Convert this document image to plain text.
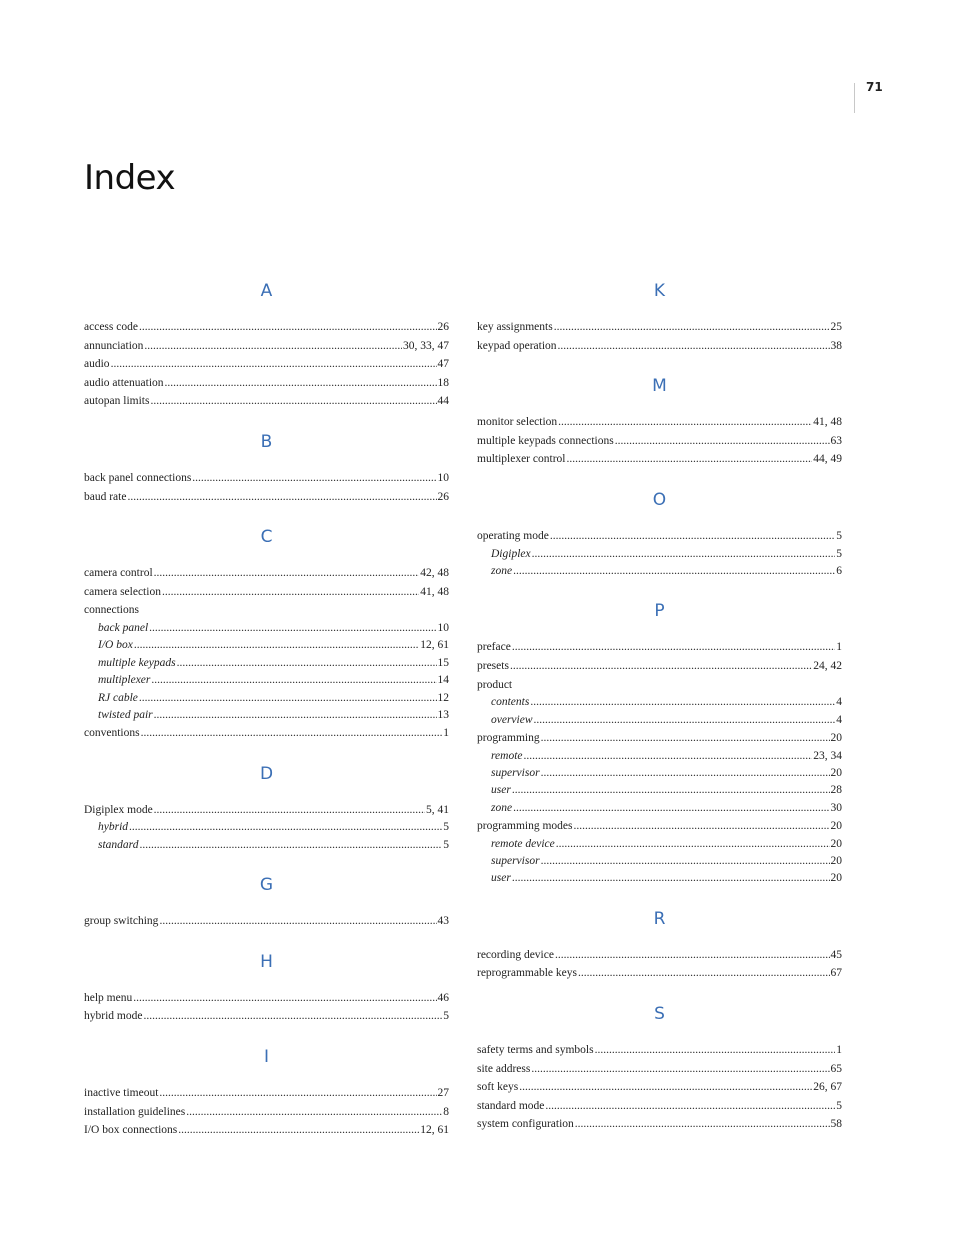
71
Index
A
access code .....	26
annunciation .....	30, 33, 47
audio .....	47
audio attenuation .....	18
autopan limits .....	44
B
back panel connections .....	10
baud rate .....	26
C
camera control .....	42, 48
camera selection .....	41, 48
connections
back panel .....	10
I/O box .....	12, 61
multiple keypads .....	15
multiplexer .....	14
RJ cable .....	12
twisted pair .....	13
conventions .....	1
D
Digiplex mode .....	5, 41
hybrid .....	5
standard .....	5
G
group switching .....	43
H
help menu .....	46
hybrid mode .....	5
I
inactive timeout .....	27
installation guidelines .....	8
I/O box connections .....	12, 61
K
key assignments .....	25
keypad operation .....	38
M
monitor selection .....	41, 48
multiple keypads connections .....	63
multiplexer control .....	44, 49
O
operating mode .....	5
Digiplex .....	5
zone .....	6
P
preface .....	1
presets .....	24, 42
product
contents .....	4
overview .....	4
programming .....	20
remote .....	23, 34
supervisor .....	20
user .....	28
zone .....	30
programming modes .....	20
remote device .....	20
supervisor .....	20
user .....	20
R
recording device .....	45
reprogrammable keys .....	67
S
safety terms and symbols .....	1
site address .....	65
soft keys .....	26, 67
standard mode .....	5
system configuration .....	58
